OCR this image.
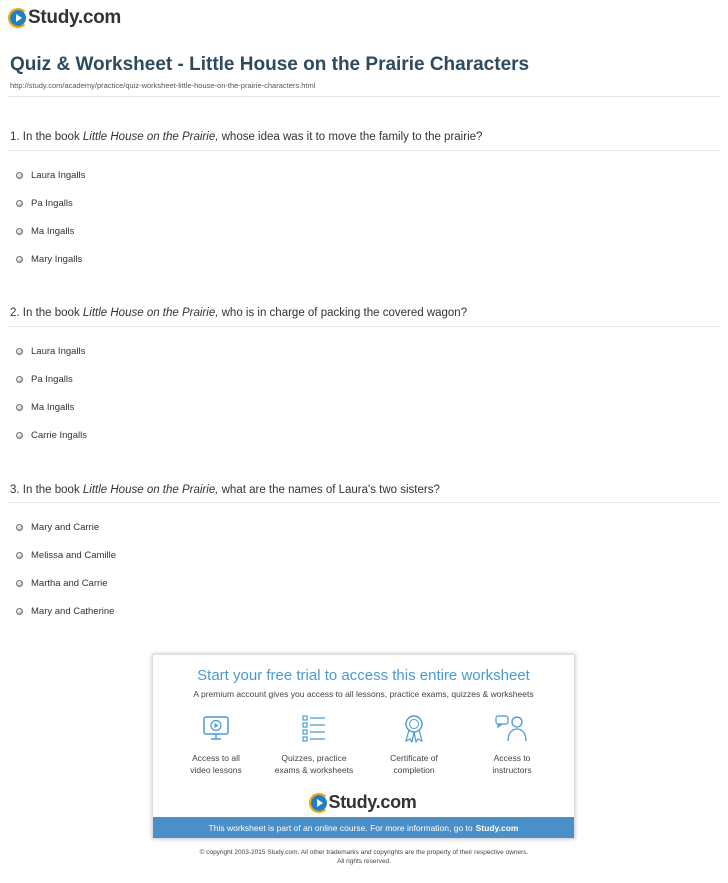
Study.com
Quiz & Worksheet - Little House on the Prairie Characters
http://study.com/academy/practice/quiz-worksheet-little-house-on-the-prairie-characters.html
1. In the book Little House on the Prairie, whose idea was it to move the family to the prairie?
Laura Ingalls
Pa Ingalls
Ma Ingalls
Mary Ingalls
2. In the book Little House on the Prairie, who is in charge of packing the covered wagon?
Laura Ingalls
Pa Ingalls
Ma Ingalls
Carrie Ingalls
3. In the book Little House on the Prairie, what are the names of Laura's two sisters?
Mary and Carrie
Melissa and Camille
Martha and Carrie
Mary and Catherine
Start your free trial to access this entire worksheet
A premium account gives you access to all lessons, practice exams, quizzes & worksheets
Access to all
video lessons
Quizzes, practice
exams & worksheets
Certificate of
completion
Access to
instructors
Study.com
This worksheet is part of an online course. For more information, go to Study.com
© copyright 2003-2015 Study.com. All other trademarks and copyrights are the property of their respective owners.
All rights reserved.
